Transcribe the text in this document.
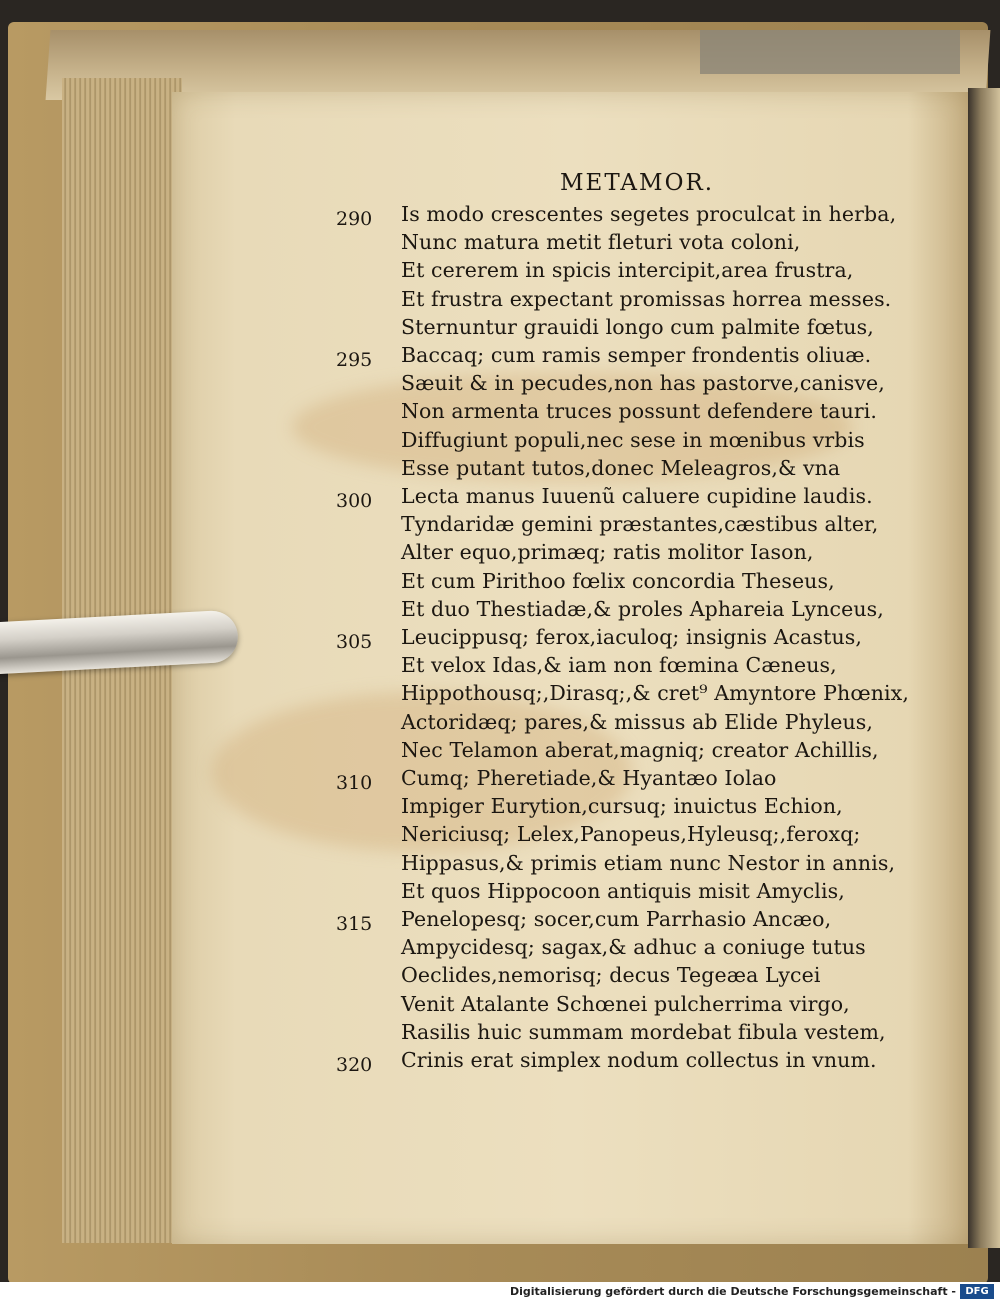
METAMOR.
Is modo crescentes segetes proculcat in herba,
290
Nunc matura metit fleturi vota coloni,
Et cererem in spicis intercipit,area frustra,
Et frustra expectant promissas horrea messes.
Sternuntur grauidi longo cum palmite fœtus,
Baccaq; cum ramis semper frondentis oliuæ.
295
Sæuit & in pecudes,non has pastorve,canisve,
Non armenta truces possunt defendere tauri.
Diffugiunt populi,nec sese in mœnibus vrbis
Esse putant tutos,donec Meleagros,& vna
Lecta manus Iuuenũ caluere cupidine laudis.
300
Tyndaridæ gemini præstantes,cæstibus alter,
Alter equo,primæq; ratis molitor Iason,
Et cum Pirithoo fœlix concordia Theseus,
Et duo Thestiadæ,& proles Aphareia Lynceus,
Leucippusq; ferox,iaculoq; insignis Acastus,
305
Et velox Idas,& iam non fœmina Cæneus,
Hippothousq;,Dirasq;,& cret⁹ Amyntore Phœnix,
Actoridæq; pares,& missus ab Elide Phyleus,
Nec Telamon aberat,magniq; creator Achillis,
Cumq; Pheretiade,& Hyantæo Iolao
310
Impiger Eurytion,cursuq; inuictus Echion,
Nericiusq; Lelex,Panopeus,Hyleusq;,feroxq;
Hippasus,& primis etiam nunc Nestor in annis,
Et quos Hippocoon antiquis misit Amyclis,
Penelopesq; socer,cum Parrhasio Ancæo,
315
Ampycidesq; sagax,& adhuc a coniuge tutus
Oeclides,nemorisq; decus Tegeæa Lycei
Venit Atalante Schœnei pulcherrima virgo,
Rasilis huic summam mordebat fibula vestem,
Crinis erat simplex nodum collectus in vnum.
320
Digitalisierung gefördert durch die Deutsche Forschungsgemeinschaft - DFG
